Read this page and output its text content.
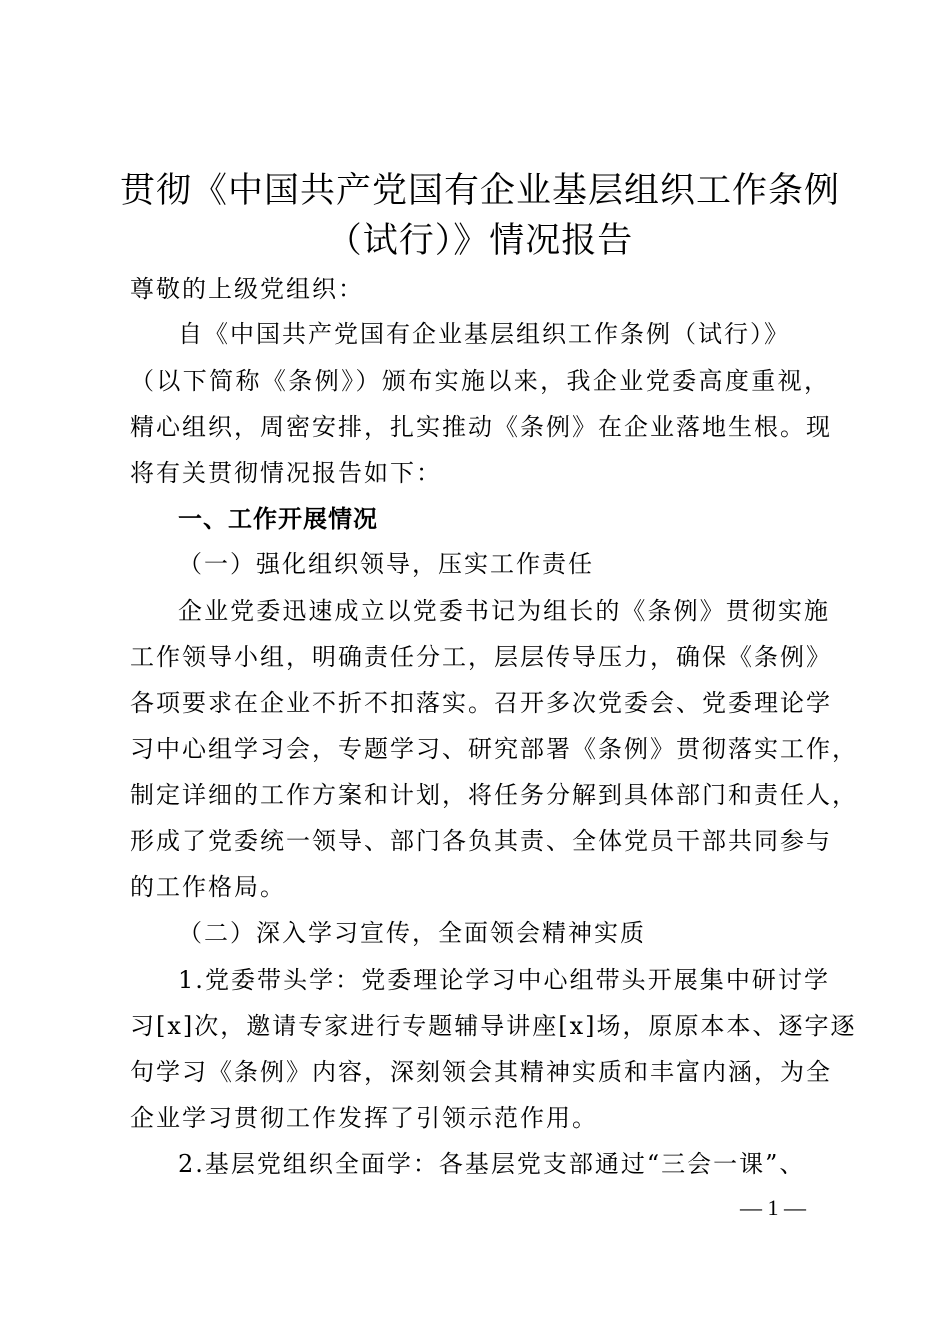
贯彻《中国共产党国有企业基层组织工作条例
（试行）》情况报告
尊敬的上级党组织：
自《中国共产党国有企业基层组织工作条例（试行）》
（以下简称《条例》）颁布实施以来，我企业党委高度重视，
精心组织，周密安排，扎实推动《条例》在企业落地生根。现
将有关贯彻情况报告如下：
一、工作开展情况
（一）强化组织领导，压实工作责任
企业党委迅速成立以党委书记为组长的《条例》贯彻实施
工作领导小组，明确责任分工，层层传导压力，确保《条例》
各项要求在企业不折不扣落实。召开多次党委会、党委理论学
习中心组学习会，专题学习、研究部署《条例》贯彻落实工作，
制定详细的工作方案和计划，将任务分解到具体部门和责任人，
形成了党委统一领导、部门各负其责、全体党员干部共同参与
的工作格局。
（二）深入学习宣传，全面领会精神实质
1.党委带头学：党委理论学习中心组带头开展集中研讨学
习[x]次，邀请专家进行专题辅导讲座[x]场，原原本本、逐字逐
句学习《条例》内容，深刻领会其精神实质和丰富内涵，为全
企业学习贯彻工作发挥了引领示范作用。
2.基层党组织全面学：各基层党支部通过“三会一课”、
— 1 —
